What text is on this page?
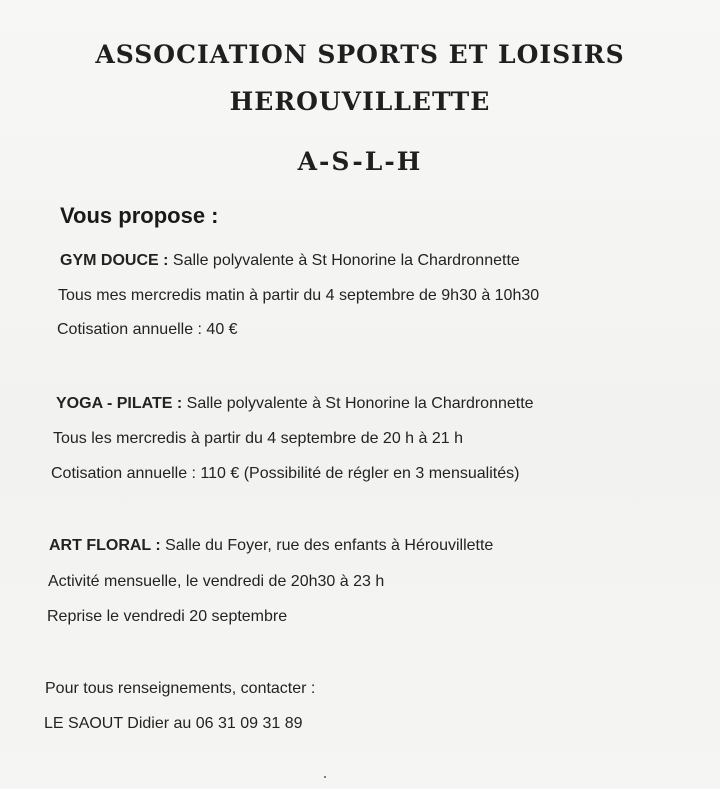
ASSOCIATION SPORTS ET LOISIRS
HEROUVILLETTE
A-S-L-H
Vous propose :
GYM DOUCE : Salle polyvalente à St Honorine la Chardronnette
Tous mes mercredis matin à partir du 4 septembre de 9h30 à 10h30
Cotisation annuelle : 40 €
YOGA - PILATE : Salle polyvalente à St Honorine la Chardronnette
Tous les mercredis à partir du 4 septembre de 20 h à 21 h
Cotisation annuelle : 110 € (Possibilité de régler en 3 mensualités)
ART FLORAL : Salle du Foyer, rue des enfants à Hérouvillette
Activité mensuelle, le vendredi de 20h30 à 23 h
Reprise le vendredi 20 septembre
Pour tous renseignements, contacter :
LE SAOUT Didier au 06 31 09 31 89
